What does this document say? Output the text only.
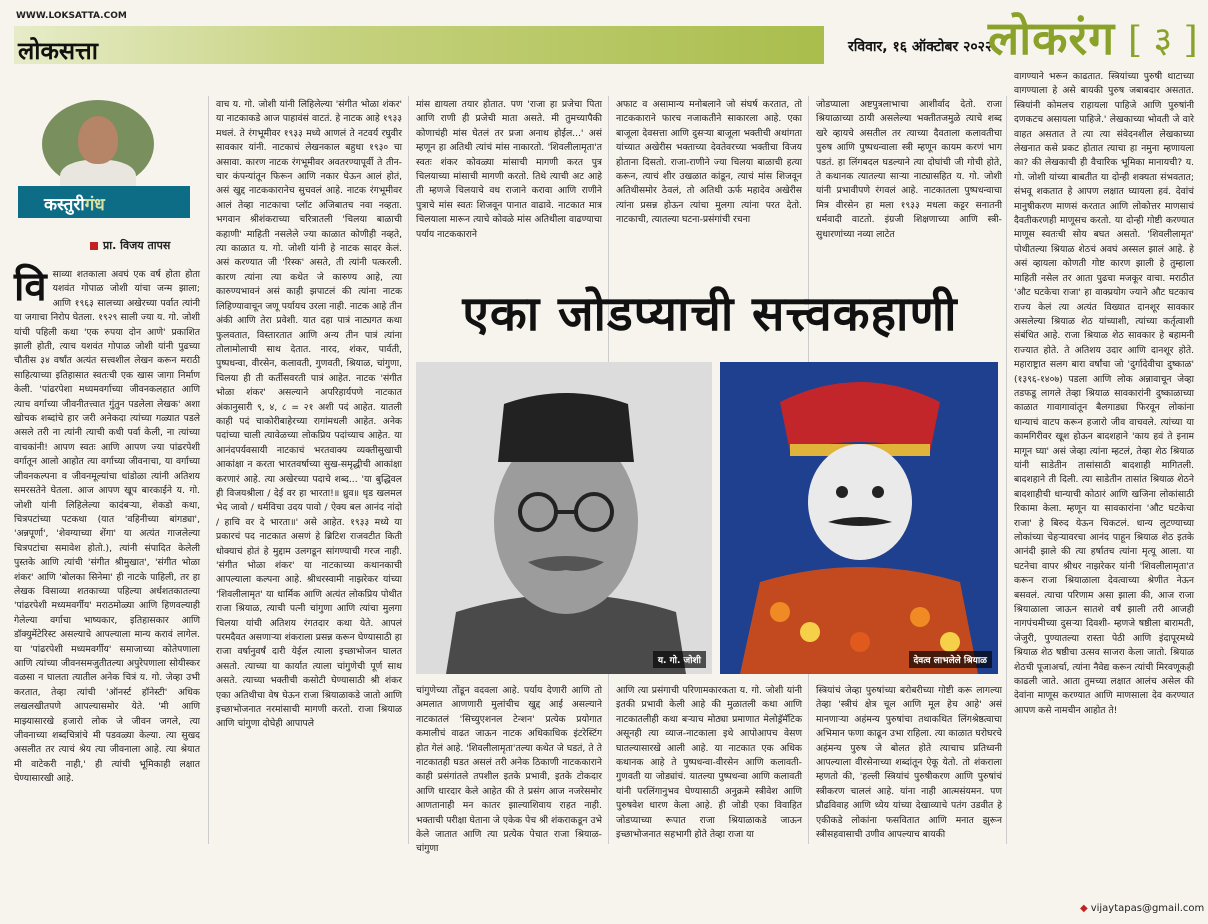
WWW.LOKSATTA.COM
लोकसत्ता	रविवार, १६ ऑक्टोबर २०२२
लोकरंग [ ३ ]
कस्तुरीगंध
प्रा. विजय तापस
वि साव्या शतकाला अवघं एक वर्ष होता होता यशवंत गोपाळ जोशी यांचा जन्म झाला; आणि १९६३ सालच्या अखेरच्या पर्वात त्यांनी या जगाचा निरोप घेतला. १९२९ साली ज्या य. गो. जोशी यांची पहिली कथा 'एक रुपया दोन आणे' प्रकाशित झाली होती, त्याच यशवंत गोपाळ जोशी यांनी पुढच्या चौतीस ३४ वर्षांत अत्यंत सत्त्वशील लेखन करून मराठी साहित्याच्या इतिहासात स्वतःची एक खास जागा निर्माण केली. 'पांढरपेशा मध्यमवर्गाच्या जीवनकलहात आणि त्याच वर्गाच्या जीवनीतत्त्वात गुंतुन पडलेला लेखक' अशा खोचक शब्दांचे हार जरी अनेकदा त्यांच्या गळ्यात पडले असले तरी ना त्यांनी त्याची कधी पर्वा केली, ना त्यांच्या वाचकांनी! आपण स्वतः आणि आपण ज्या पांढरपेशी वर्गातून आलो आहोत त्या वर्गाच्या जीवनाचा, या वर्गाच्या जीवनकल्पना व जीवनमूल्यांचा धांडोळा त्यांनी अतिशय समरसतेने घेतला. आज आपण खूप बारकाईने य. गो. जोशी यांनी लिहिलेल्या कादंबऱ्या, शेकडो कथा, चित्रपटांच्या पटकथा (यात 'वहिनीच्या बांगड्या', 'अन्नपूर्णा', 'शेवग्याच्या शेंगा' या अत्यंत गाजलेल्या चित्रपटांचा समावेश होतो.), त्यांनी संपादित केलेली पुस्तके आणि त्यांची 'संगीत श्रीमुखात', 'संगीत भोळा शंकर' आणि 'बोलका सिनेमा' ही नाटके पाहिली, तर हा लेखक विसाव्या शतकाच्या पहिल्या अर्धशतकातल्या 'पांढरपेशी मध्यमवर्गीय' मराठमोळ्या आणि हिणवल्याही गेलेल्या वर्गाचा भाष्यकार, इतिहासकार आणि डॉक्युमेंटेरिस्ट असल्याचे आपल्याला मान्य करावं लागेल. या 'पांढरपेशी मध्यमवर्गीय' समाजाच्या कोतेपणाला आणि त्यांच्या जीवनसमजुतीतल्या अपुरेपणाला सोयीस्कर वळसा न घालता त्यातील अनेक चित्रं य. गो. जेव्हा उभी करतात, तेव्हा त्यांची 'ऑनर्स्ट हॉनेस्टी' अधिक लखलखीतपणे आपल्यासमोर येते. 'मी आणि माझ्यासारखे हजारो लोक जे जीवन जगले, त्या जीवनाच्या शब्दचित्रांचे मी पडवळ्या केल्या. त्या सुखद असलीत तर त्याचं श्रेय त्या जीवनाला आहे. त्या श्रेयात मी वाटेकरी नाही,' ही त्यांची भूमिकाही लक्षात घेण्यासारखी आहे.
वाच य. गो. जोशी यांनी लिहिलेल्या 'संगीत भोळा शंकर' या नाटकाकडे आज पाहावंसं वाटतं. हे नाटक आहे १९३३ मधलं. ते रंगभूमीवर १९३३ मध्ये आणलं ते नटवर्य रघुवीर सावकार यांनी. नाटकाचं लेखनकाल बहुधा १९३० चा असावा. कारण नाटक रंगभूमीवर अवतरण्यापूर्वी ते तीन-चार कंपन्यांतून फिरून आणि नकार घेऊन आलं होतं, असं खुद्द नाटककारानेच सुचवलं आहे. नाटक रंगभूमीवर आलं तेव्हा नाटकाचा प्लॉट अजिबातच नवा नव्हता. भगवान श्रीशंकराच्या चरित्रातली 'चिलया बाळाची कहाणी' माहिती नसलेले ज्या काळात कोणीही नव्हते, त्या काळात य. गो. जोशी यांनी हे नाटक सादर केलं. असं करण्यात जी 'रिस्क' असते, ती त्यांनी पत्करली. कारण त्यांना त्या कथेत जे कारुण्य आहे, त्या कारुण्यभावनं असं काही झपाटलं की त्यांना नाटक लिहिण्यावाचून जणू पर्यायच उरला नाही. नाटक आहे तीन अंकी आणि तेरा प्रवेशी. यात दहा पात्रं नाट्यगत कथा फुलवतात, विस्तारतात आणि अन्य तीन पात्रं त्यांना तोलामोलाची साथ देतात. नारद, शंकर, पार्वती, पुष्पधन्वा, वीरसेन, कलावती, गुणवती, श्रियाळ, चांगुणा, चिलया ही ती कर्तीसवरती पात्रं आहेत. नाटक 'संगीत भोळा शंकर' असल्याने अपरिहार्यपणे नाटकात अंकानुसारी ९, ४, ८ = २१ अशी पदं आहेत. यातली काही पदं चाकोरीबाहेरच्या रागांमधली आहेत. अनेक पदांच्या चाली त्यावेळच्या लोकप्रिय पदांच्याच आहेत. या आनंदपर्यवसायी नाटकाचं भरतवाक्य व्यक्तीसुखाची आकांक्षा न करता भारतवर्षाच्या सुख-समृद्धीची आकांक्षा करणारं आहे. त्या अखेरच्या पदाचे शब्द... 'या बुद्धिवल ही विजयश्रीला / देई वर हा भारता!॥ ध्रुव॥ धृड खलमल भेद जावो / धर्मविचा उदय पावो / ऐक्य बल आनंद नांदो / हाचि वर दे भारता॥' असे आहेत. १९३३ मध्ये या प्रकारचं पद नाटकात असणं हे ब्रिटिश राजवटीत किती धोक्याचं होतं हे मुद्दाम उलगडून सांगण्याची गरज नाही. 'संगीत भोळा शंकर' या नाटकाच्या कथानकाची आपल्याला कल्पना आहे. श्रीधरस्वामी नाझरेकर यांच्या 'शिवलीलामृत' या धार्मिक आणि अत्यंत लोकप्रिय पोथीत राजा श्रियाळ, त्याची पत्नी चांगुणा आणि त्यांचा मुलगा चिलया यांची अतिशय रंगतदार कथा येते. आपलं परमदैवत असणाऱ्या शंकराला प्रसन्न करून घेण्यासाठी हा राजा वर्षानुवर्षं दारी येईल त्याला इच्छाभोजन घालत असतो. त्याच्या या कार्यात त्याला चांगुणेची पूर्ण साथ असते. त्याच्या भक्तीची कसोटी घेण्यासाठी श्री शंकर एका अतिथीचा वेष घेऊन राजा श्रियाळाकडे जातो आणि इच्छाभोजनात नरमांसाची मागणी करतो. राजा श्रियाळ आणि चांगुणा दोघेही आपापले
मांस द्यायला तयार होतात. पण 'राजा हा प्रजेचा पिता आणि राणी ही प्रजेची माता असते. मी तुमच्यापैकी कोणाचंही मांस घेतलं तर प्रजा अनाथ होईल...' असं म्हणून हा अतिथी त्यांचं मांस नाकारतो. 'शिवलीलामृता'त स्वतः शंकर कोवळ्या मांसाची मागणी करत पुत्र चिलयाच्या मांसाची मागणी करतो. तिथे त्याची अट आहे ती म्हणजे चिलयाचे वध राजाने करावा आणि राणीने पुत्राचे मांस स्वतः शिजवून पानात वाढावे. नाटकात मात्र चिलयाला मारून त्याचे कोवळे मांस अतिथीला वाढण्याचा पर्याय नाटककाराने
अफाट व असामान्य मनोबलाने जो संघर्ष करतात, तो नाटककाराने फारच नजाकतीने साकारला आहे. एका बाजूला देवसत्ता आणि दुसऱ्या बाजूला भक्तीची अथांगता यांच्यात अखेरीस भक्ताच्या देवतेवरच्या भक्तीचा विजय होताना दिसतो. राजा-राणीने ज्या चिलया बाळाची हत्या करून, त्याचं शीर उखळात कांडून, त्याचं मांस शिजवून अतिथीसमोर ठेवलं, तो अतिथी ऊर्फ महादेव अखेरीस त्यांना प्रसन्न होऊन त्यांचा मुलगा त्यांना परत देतो. नाटकाची, त्यातल्या घटना-प्रसंगांची रचना
जोडप्याला अष्टपुत्रलाभाचा आशीर्वाद देतो. राजा श्रियाळाच्या ठायी असलेल्या भक्तीतजमुळे त्याचे शब्द खरे व्हायचे असतील तर त्याच्या दैवताला कलावतीचा पुरुष आणि पुष्पधन्वाला स्त्री म्हणून कायम करणं भाग पडतं. हा लिंगबदल घडल्याने त्या दोघांची जी गोची होते, ते कथानक त्यातल्या साऱ्या नाट्यासहित य. गो. जोशी यांनी प्रभावीपणे रंगवलं आहे. नाटकातला पुष्पधन्वाचा मित्र वीरसेन हा मला १९३३ मधला कट्टर सनातनी धर्मवादी वाटतो. इंग्रजी शिक्षणाच्या आणि स्त्री-सुधारणांच्या नव्या लाटेत
एका जोडप्याची सत्त्वकहाणी
य. गो. जोशी	देवत्व लाभलेले श्रियाळ
चांगुणेच्या तोंडून वदवला आहे. पर्याय देणारी आणि तो अमलात आणणारी मुलांचीच खुद्द आई असल्याने नाटकातलं 'सिच्युएशनल टेन्शन' प्रत्येक प्रयोगात कमालीचं वाढत जाऊन नाटक अधिकाधिक इंटरेस्टिंग होत गेलं आहे. 'शिवलीलामृता'तल्या कथेत जे घडतं, ते ते नाटकातही घडत असलं तरी अनेक ठिकाणी नाटककाराने काही प्रसंगांतले तपशील इतके प्रभावी, इतके टोकदार आणि धारदार केले आहेत की ते प्रसंग आज नजरेसमोर आणतानाही मन कातर झाल्याशिवाय राहत नाही. भक्ताची परीक्षा घेताना जे एकेक पेच श्री शंकराकडून उभे केले जातात आणि त्या प्रत्येक पेचात राजा श्रियाळ-चांगुणा
आणि त्या प्रसंगाची परिणामकारकता य. गो. जोशी यांनी इतकी प्रभावी केली आहे की मुळातली कथा आणि नाटकातलीही कथा बऱ्याच मोठ्या प्रमाणात मेलोड्रॅमॅटिक असूनही त्या व्याज-नाटकाला इथे आपोआपच वेसण घातल्यासारखे आली आहे. या नाटकात एक अधिक कथानक आहे ते पुष्पधन्वा-वीरसेन आणि कलावती-गुणवती या जोड्यांचं. यातल्या पुष्पधन्वा आणि कलावती यांनी परलिंगानुभव घेण्यासाठी अनुक्रमे स्त्रीवेश आणि पुरुषवेश धारण केला आहे. ही जोडी एका विवाहित जोडप्याच्या रूपात राजा श्रियाळाकडे जाऊन इच्छाभोजनात सहभागी होते तेव्हा राजा या
स्त्रियांचं जेव्हा पुरुषांच्या बरोबरीच्या गोष्टी करू लागल्या तेव्हा 'स्त्रीचं क्षेत्र चूल आणि मूल हेच आहे' असं मानणाऱ्या अहंमन्य पुरुषांचा तथाकथित लिंगश्रेष्ठत्वाचा अभिमान फणा काढून उभा राहिला. त्या काळात घरोघरचे अहंमन्य पुरुष जे बोलत होते त्याचाच प्रतिध्वनी आपल्याला वीरसेनाच्या शब्दांतून ऐकू येतो. तो शंकराला म्हणतो की, 'हल्ली स्त्रियांचं पुरुषीकरण आणि पुरुषांचं स्त्रीकरण चाललं आहे. यांना नाही आत्मसंयमन. पण प्रौढविवाह आणि ध्येय यांच्या देखाव्याचे पतंग उडवीत हे एकीकडे लोकांना फसवितात आणि मनात झुरून स्त्रीसहवासाची उणीव आपल्याच बायकी
वागण्याने भरून काढतात. स्त्रियांच्या पुरुषी थाटाच्या वागण्याला हे असे बायकी पुरुष जबाबदार असतात. स्त्रियांनी कोमलच राहायला पाहिजे आणि पुरुषांनी दणकटच असायला पाहिजे.' लेखकाच्या भोवती जे वारे वाहत असतात ते त्या त्या संवेदनशील लेखकाच्या लेखनात कसे प्रकट होतात त्याचा हा नमुना म्हणायला का? की लेखकाची ही वैचारिक भूमिका मानायची? य. गो. जोशी यांच्या बाबतीत या दोन्ही शक्यता संभवतात; संभवू शकतात हे आपण लक्षात घ्यायला हवं. देवांचं मानुषीकरण माणसं करतात आणि लोकोत्तर माणसाचं दैवतीकरणही माणूसच करतो. या दोन्ही गोष्टी करण्यात माणूस स्वतःची सोय बघत असतो. 'शिवलीलामृत' पोथीतल्या श्रियाळ शेठचं अवघं अस्सल झालं आहे. हे असं व्हायला कोणती गोष्ट कारण झाली हे तुम्हाला माहिती नसेल तर आता पुढचा मजकूर वाचा. मराठीत 'औट घटकेचा राजा' हा वाक्प्रयोग ज्याने औट घटकाच राज्य केलं त्या अत्यंत विख्यात दानशूर सावकार असलेल्या श्रियाळ शेठ यांच्याशी, त्यांच्या कर्तृत्वाशी संबंधित आहे. राजा श्रियाळ शेठ सावकार हे बहामनी राज्यात होते. ते अतिशय उदार आणि दानशूर होते. महाराष्ट्रात सलग बारा वर्षांचा जो 'दुर्गादेवीचा दुष्काळ' (१३९६-१४०७) पडला आणि लोक अन्नावाचून जेव्हा तडफडू लागले तेव्हा श्रियाळ सावकारांनी दुष्काळाच्या काळात गावागावांतून बैलगाड्या फिरवून लोकांना धान्याचं वाटप करून हजारो जीव वाचवले. त्यांच्या या कामगिरीवर खूश होऊन बादशहाने 'काय हवं ते इनाम मागून घ्या' असं जेव्हा त्यांना म्हटलं, तेव्हा शेठ श्रियाळ यांनी साडेतीन तासांसाठी बादशाही मागितली. बादशहाने ती दिली. त्या साडेतीन तासांत श्रियाळ शेठने बादशाहीची धान्याची कोठारं आणि खजिना लोकांसाठी रिकामा केला. म्हणून या सावकारांना 'औट घटकेचा राजा' हे बिरुद येऊन चिकटलं. धान्य लुटण्याच्या लोकांच्या चेहऱ्यावरचा आनंद पाहून श्रियाळ शेठ इतके आनंदी झाले की त्या हर्षातच त्यांना मृत्यू आला. या घटनेचा वापर श्रीधर नाझरेकर यांनी 'शिवलीलामृता'त करून राजा श्रियाळाला देवत्वाच्या श्रेणीत नेऊन बसवलं. त्याचा परिणाम असा झाला की, आज राजा श्रियाळाला जाऊन सातशे वर्षं झाली तरी आजही नागपंचमीच्या दुसऱ्या दिवशी- म्हणजे षष्ठीला बारामती, जेजुरी, पुण्यातल्या रास्ता पेठी आणि इंदापूरमध्ये श्रियाळ शेठ षष्ठीचा उत्सव साजरा केला जातो. श्रियाळ शेठची पूजाअर्चा, त्यांना नैवेद्य करून त्यांची मिरवणूकही काढली जाते. आता तुमच्या लक्षात आलंच असेल की देवांना माणूस करण्यात आणि माणसाला देव करण्यात आपण कसे नामचीन आहोत ते!
◆ vijaytapas@gmail.com
